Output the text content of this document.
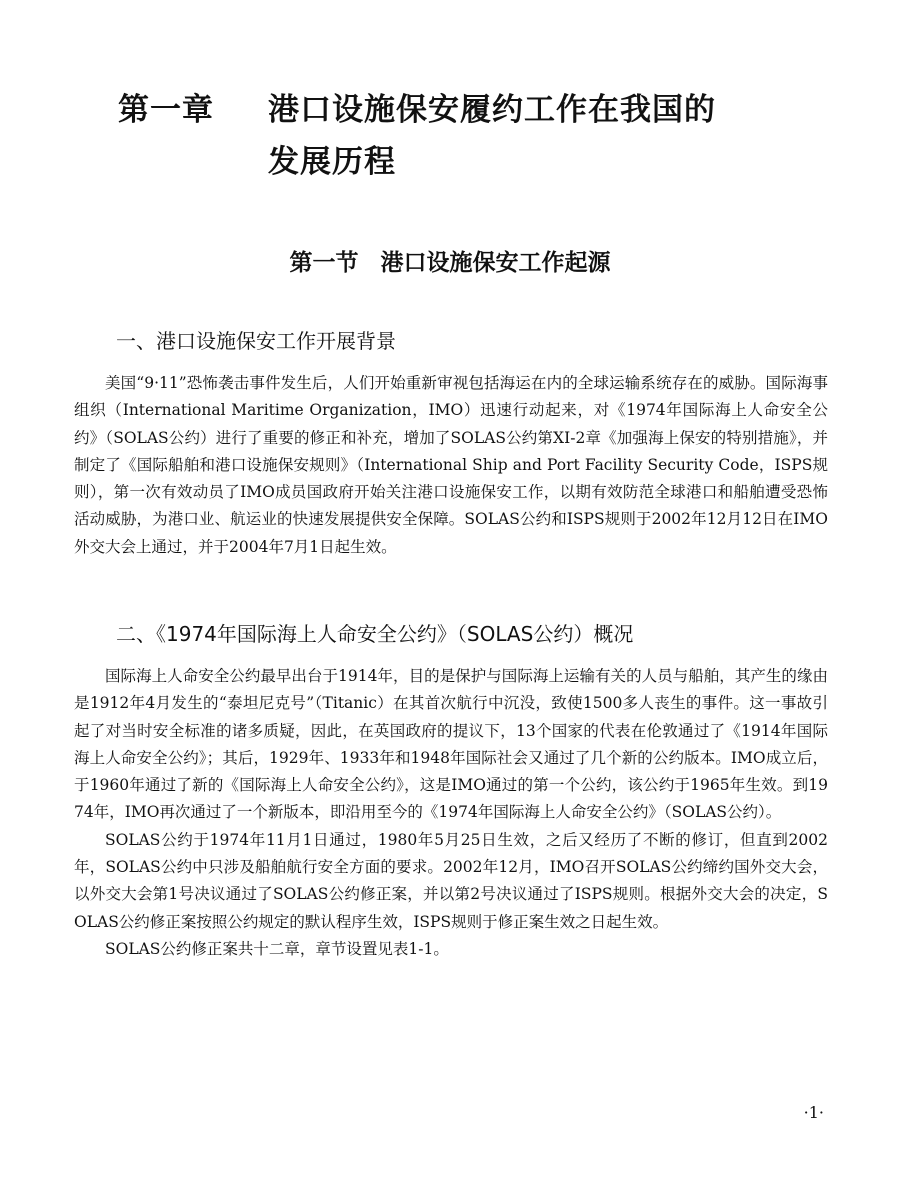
第一章 港口设施保安履约工作在我国的
发展历程
第一节 港口设施保安工作起源
一、港口设施保安工作开展背景

美国“9·11”恐怖袭击事件发生后，人们开始重新审视包括海运在内的全球运输系统存在的威胁。国际海事组织（International Maritime Organization，IMO）迅速行动起来，对《1974年国际海上人命安全公约》（SOLAS公约）进行了重要的修正和补充，增加了SOLAS公约第XI-2章《加强海上保安的特别措施》，并制定了《国际船舶和港口设施保安规则》（International Ship and Port Facility Security Code，ISPS规则），第一次有效动员了IMO成员国政府开始关注港口设施保安工作，以期有效防范全球港口和船舶遭受恐怖活动威胁，为港口业、航运业的快速发展提供安全保障。SOLAS公约和ISPS规则于2002年12月12日在IMO外交大会上通过，并于2004年7月1日起生效。

二、《1974年国际海上人命安全公约》（SOLAS公约）概况

国际海上人命安全公约最早出台于1914年，目的是保护与国际海上运输有关的人员与船舶，其产生的缘由是1912年4月发生的“泰坦尼克号”（Titanic）在其首次航行中沉没，致使1500多人丧生的事件。这一事故引起了对当时安全标准的诸多质疑，因此，在英国政府的提议下，13个国家的代表在伦敦通过了《1914年国际海上人命安全公约》；其后，1929年、1933年和1948年国际社会又通过了几个新的公约版本。IMO成立后，于1960年通过了新的《国际海上人命安全公约》，这是IMO通过的第一个公约，该公约于1965年生效。到1974年，IMO再次通过了一个新版本，即沿用至今的《1974年国际海上人命安全公约》（SOLAS公约）。

SOLAS公约于1974年11月1日通过，1980年5月25日生效，之后又经历了不断的修订，但直到2002年，SOLAS公约中只涉及船舶航行安全方面的要求。2002年12月，IMO召开SOLAS公约缔约国外交大会，以外交大会第1号决议通过了SOLAS公约修正案，并以第2号决议通过了ISPS规则。根据外交大会的决定，SOLAS公约修正案按照公约规定的默认程序生效，ISPS规则于修正案生效之日起生效。

SOLAS公约修正案共十二章，章节设置见表1-1。

·1·
